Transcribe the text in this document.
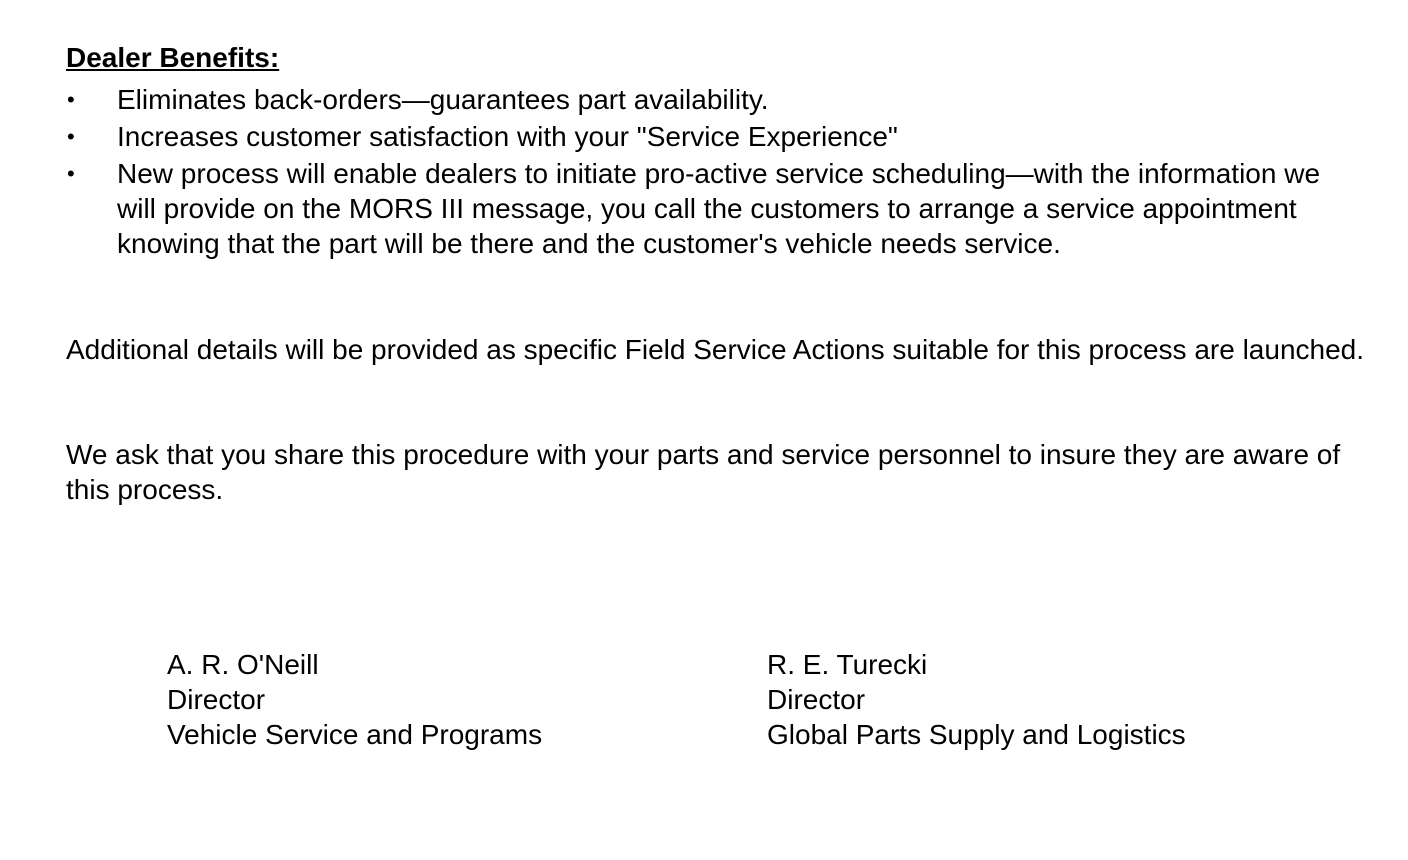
Dealer Benefits:
• Eliminates back-orders—guarantees part availability.
• Increases customer satisfaction with your "Service Experience"
• New process will enable dealers to initiate pro-active service scheduling—with the information we will provide on the MORS III message, you call the customers to arrange a service appointment knowing that the part will be there and the customer's vehicle needs service.

Additional details will be provided as specific Field Service Actions suitable for this process are launched.

We ask that you share this procedure with your parts and service personnel to insure they are aware of this process.

A. R. O'Neill
Director
Vehicle Service and Programs
R. E. Turecki
Director
Global Parts Supply and Logistics
